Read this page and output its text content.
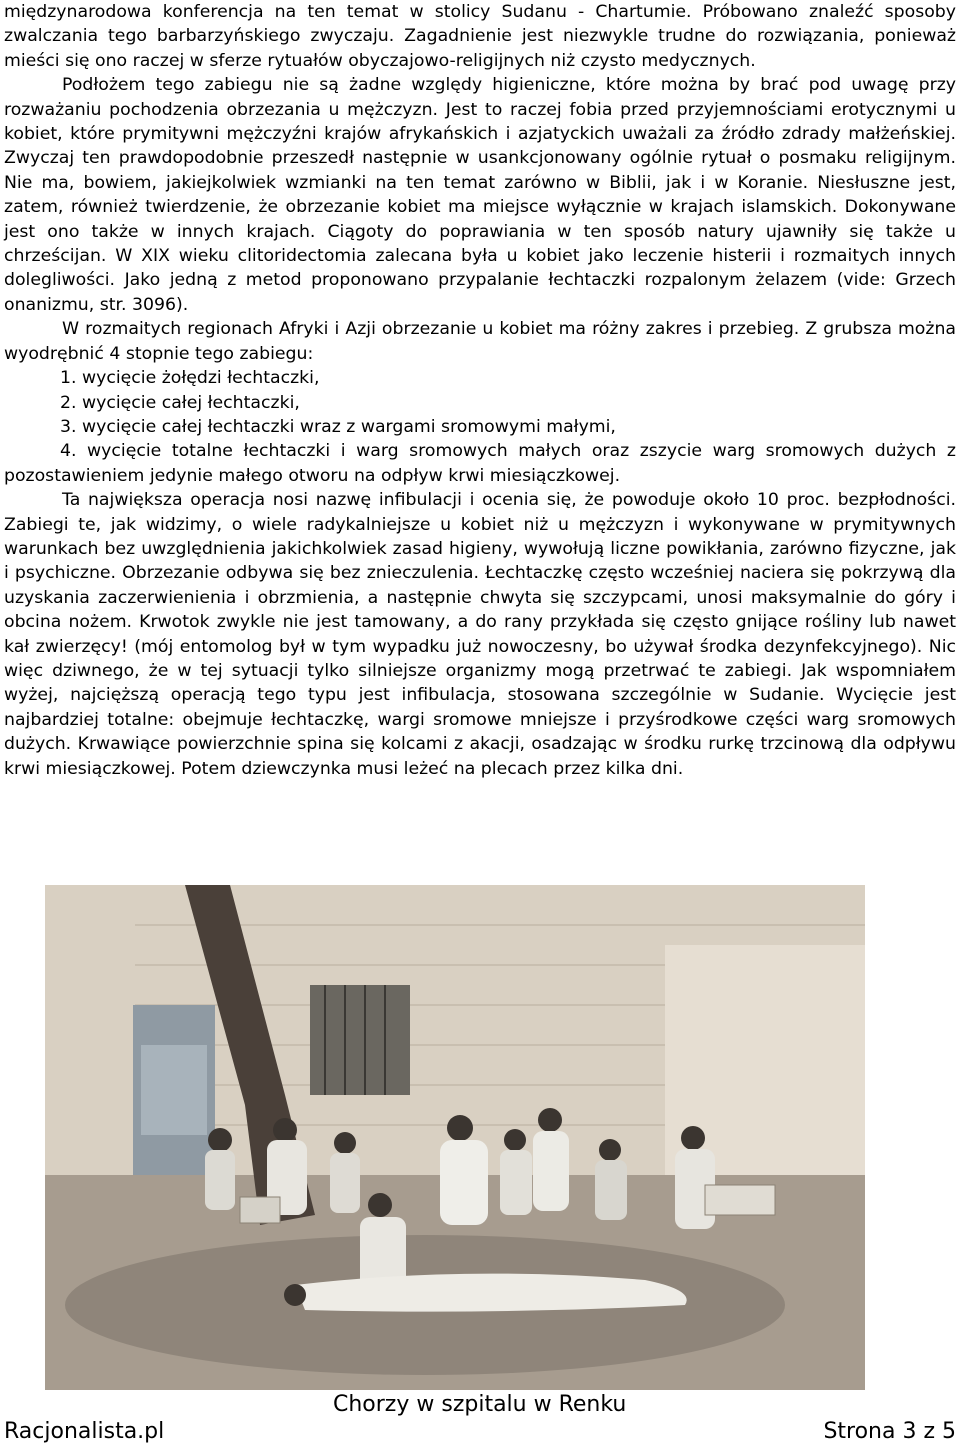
międzynarodowa konferencja na ten temat w stolicy Sudanu - Chartumie. Próbowano znaleźć sposoby zwalczania tego barbarzyńskiego zwyczaju. Zagadnienie jest niezwykle trudne do rozwiązania, ponieważ mieści się ono raczej w sferze rytuałów obyczajowo-religijnych niż czysto medycznych.

Podłożem tego zabiegu nie są żadne względy higieniczne, które można by brać pod uwagę przy rozważaniu pochodzenia obrzezania u mężczyzn. Jest to raczej fobia przed przyjemnościami erotycznymi u kobiet, które prymitywni mężczyźni krajów afrykańskich i azjatyckich uważali za źródło zdrady małżeńskiej. Zwyczaj ten prawdopodobnie przeszedł następnie w usankcjonowany ogólnie rytuał o posmaku religijnym. Nie ma, bowiem, jakiejkolwiek wzmianki na ten temat zarówno w Biblii, jak i w Koranie. Niesłuszne jest, zatem, również twierdzenie, że obrzezanie kobiet ma miejsce wyłącznie w krajach islamskich. Dokonywane jest ono także w innych krajach. Ciągoty do poprawiania w ten sposób natury ujawniły się także u chrześcijan. W XIX wieku clitoridectomia zalecana była u kobiet jako leczenie histerii i rozmaitych innych dolegliwości. Jako jedną z metod proponowano przypalanie łechtaczki rozpalonym żelazem (vide: Grzech onanizmu, str. 3096).

W rozmaitych regionach Afryki i Azji obrzezanie u kobiet ma różny zakres i przebieg. Z grubsza można wyodrębnić 4 stopnie tego zabiegu:

1. wycięcie żołędzi łechtaczki,

2. wycięcie całej łechtaczki,

3. wycięcie całej łechtaczki wraz z wargami sromowymi małymi,

4. wycięcie totalne łechtaczki i warg sromowych małych oraz zszycie warg sromowych dużych z pozostawieniem jedynie małego otworu na odpływ krwi miesiączkowej.

Ta największa operacja nosi nazwę infibulacji i ocenia się, że powoduje około 10 proc. bezpłodności. Zabiegi te, jak widzimy, o wiele radykalniejsze u kobiet niż u mężczyzn i wykonywane w prymitywnych warunkach bez uwzględnienia jakichkolwiek zasad higieny, wywołują liczne powikłania, zarówno fizyczne, jak i psychiczne. Obrzezanie odbywa się bez znieczulenia. Łechtaczkę często wcześniej naciera się pokrzywą dla uzyskania zaczerwienienia i obrzmienia, a następnie chwyta się szczypcami, unosi maksymalnie do góry i obcina nożem. Krwotok zwykle nie jest tamowany, a do rany przykłada się często gnijące rośliny lub nawet kał zwierzęcy! (mój entomolog był w tym wypadku już nowoczesny, bo używał środka dezynfekcyjnego). Nic więc dziwnego, że w tej sytuacji tylko silniejsze organizmy mogą przetrwać te zabiegi. Jak wspomniałem wyżej, najcięższą operacją tego typu jest infibulacja, stosowana szczególnie w Sudanie. Wycięcie jest najbardziej totalne: obejmuje łechtaczkę, wargi sromowe mniejsze i przyśrodkowe części warg sromowych dużych. Krwawiące powierzchnie spina się kolcami z akacji, osadzając w środku rurkę trzcinową dla odpływu krwi miesiączkowej. Potem dziewczynka musi leżeć na plecach przez kilka dni.

Chorzy w szpitalu w Renku
Racjonalista.pl	Strona 3 z 5
